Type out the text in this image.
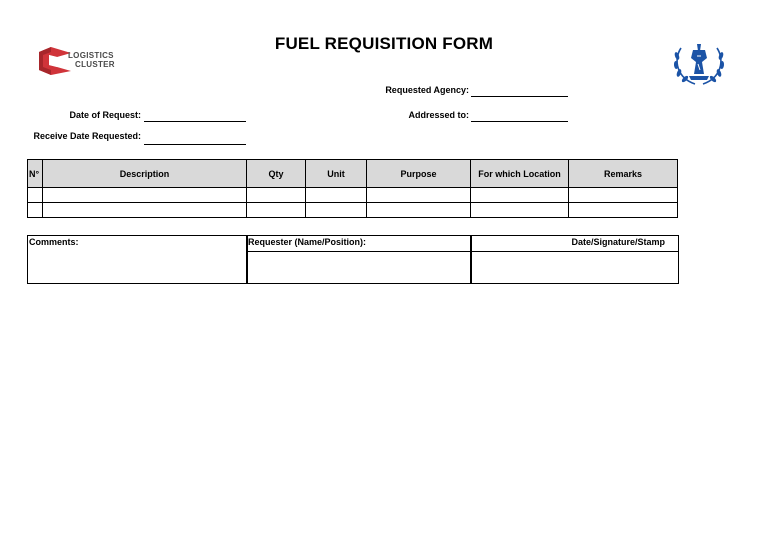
LOGISTICS
CLUSTER
FUEL REQUISITION FORM
Requested Agency:
Date of Request:	Addressed to:
Receive Date Requested:
N°	Description	Qty	Unit	Purpose	For which Location	Remarks

Comments:	Requester (Name/Position):	Date/Signature/Stamp
